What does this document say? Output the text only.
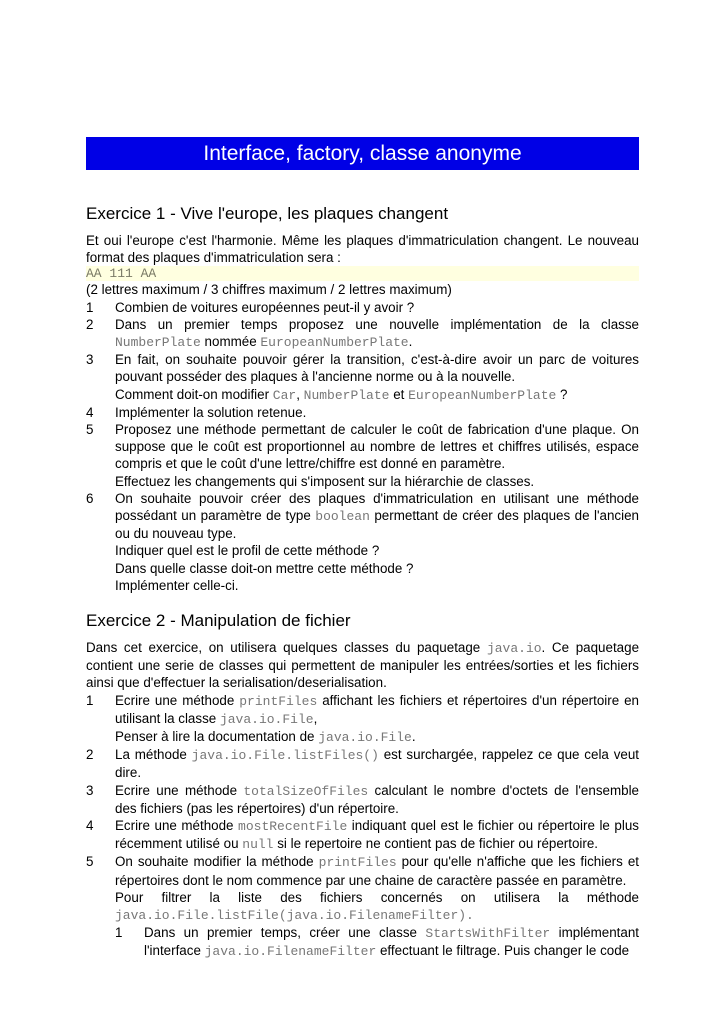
Interface, factory, classe anonyme
Exercice 1 - Vive l'europe, les plaques changent

Et oui l'europe c'est l'harmonie. Même les plaques d'immatriculation changent. Le nouveau format des plaques d'immatriculation sera :

AA 111 AA

(2 lettres maximum / 3 chiffres maximum / 2 lettres maximum)

1 Combien de voitures européennes peut-il y avoir ?
2 Dans un premier temps proposez une nouvelle implémentation de la classe NumberPlate nommée EuropeanNumberPlate.
3 En fait, on souhaite pouvoir gérer la transition, c'est-à-dire avoir un parc de voitures pouvant posséder des plaques à l'ancienne norme ou à la nouvelle.
Comment doit-on modifier Car, NumberPlate et EuropeanNumberPlate ?
4 Implémenter la solution retenue.
5 Proposez une méthode permettant de calculer le coût de fabrication d'une plaque. On suppose que le coût est proportionnel au nombre de lettres et chiffres utilisés, espace compris et que le coût d'une lettre/chiffre est donné en paramètre.
Effectuez les changements qui s'imposent sur la hiérarchie de classes.
6 On souhaite pouvoir créer des plaques d'immatriculation en utilisant une méthode possédant un paramètre de type boolean permettant de créer des plaques de l'ancien ou du nouveau type.
Indiquer quel est le profil de cette méthode ?
Dans quelle classe doit-on mettre cette méthode ?
Implémenter celle-ci.
Exercice 2 - Manipulation de fichier

Dans cet exercice, on utilisera quelques classes du paquetage java.io. Ce paquetage contient une serie de classes qui permettent de manipuler les entrées/sorties et les fichiers ainsi que d'effectuer la serialisation/deserialisation.

1 Ecrire une méthode printFiles affichant les fichiers et répertoires d'un répertoire en utilisant la classe java.io.File,
Penser à lire la documentation de java.io.File.
2 La méthode java.io.File.listFiles() est surchargée, rappelez ce que cela veut dire.
3 Ecrire une méthode totalSizeOfFiles calculant le nombre d'octets de l'ensemble des fichiers (pas les répertoires) d'un répertoire.
4 Ecrire une méthode mostRecentFile indiquant quel est le fichier ou répertoire le plus récemment utilisé ou null si le repertoire ne contient pas de fichier ou répertoire.
5 On souhaite modifier la méthode printFiles pour qu'elle n'affiche que les fichiers et répertoires dont le nom commence par une chaine de caractère passée en paramètre.
Pour filtrer la liste des fichiers concernés on utilisera la méthode java.io.File.listFile(java.io.FilenameFilter).
1 Dans un premier temps, créer une classe StartsWithFilter implémentant l'interface java.io.FilenameFilter effectuant le filtrage. Puis changer le code
